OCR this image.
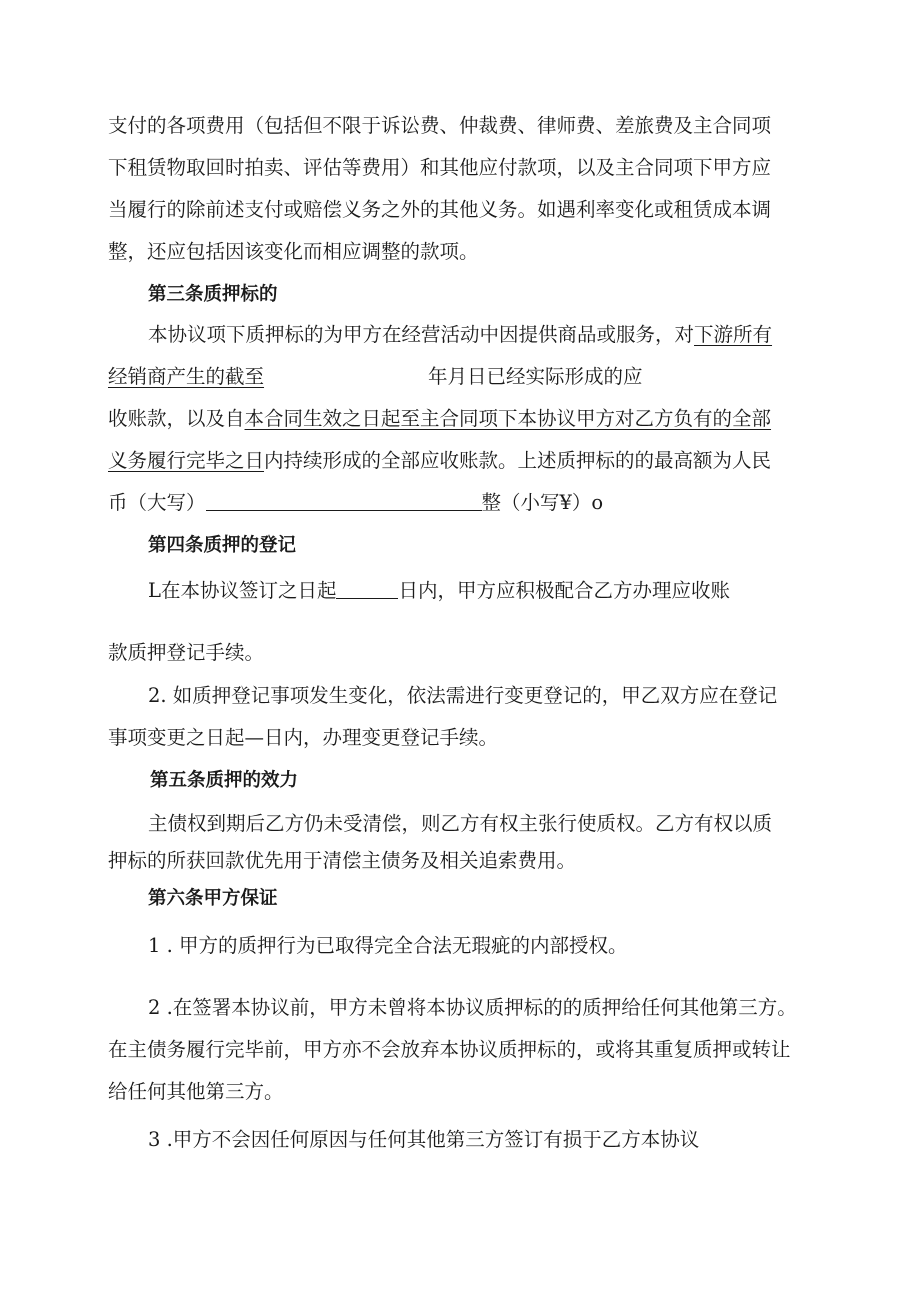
支付的各项费用（包括但不限于诉讼费、仲裁费、律师费、差旅费及主合同项
下租赁物取回时拍卖、评估等费用）和其他应付款项，以及主合同项下甲方应
当履行的除前述支付或赔偿义务之外的其他义务。如遇利率变化或租赁成本调
整，还应包括因该变化而相应调整的款项。
第三条质押标的
本协议项下质押标的为甲方在经营活动中因提供商品或服务，对下游所有
经销商产生的截至	年月日已经实际形成的应
收账款，以及自本合同生效之日起至主合同项下本协议甲方对乙方负有的全部
义务履行完毕之日内持续形成的全部应收账款。上述质押标的的最高额为人民
币（大写）	整（小写¥）o
第四条质押的登记
L在本协议签订之日起	日内，甲方应积极配合乙方办理应收账
款质押登记手续。
2. 如质押登记事项发生变化，依法需进行变更登记的，甲乙双方应在登记
事项变更之日起—日内，办理变更登记手续。
第五条质押的效力
主债权到期后乙方仍未受清偿，则乙方有权主张行使质权。乙方有权以质
押标的所获回款优先用于清偿主债务及相关追索费用。
第六条甲方保证
1 . 甲方的质押行为已取得完全合法无瑕疵的内部授权。
2 .在签署本协议前，甲方未曾将本协议质押标的的质押给任何其他第三方。
在主债务履行完毕前，甲方亦不会放弃本协议质押标的，或将其重复质押或转让
给任何其他第三方。
3 .甲方不会因任何原因与任何其他第三方签订有损于乙方本协议
